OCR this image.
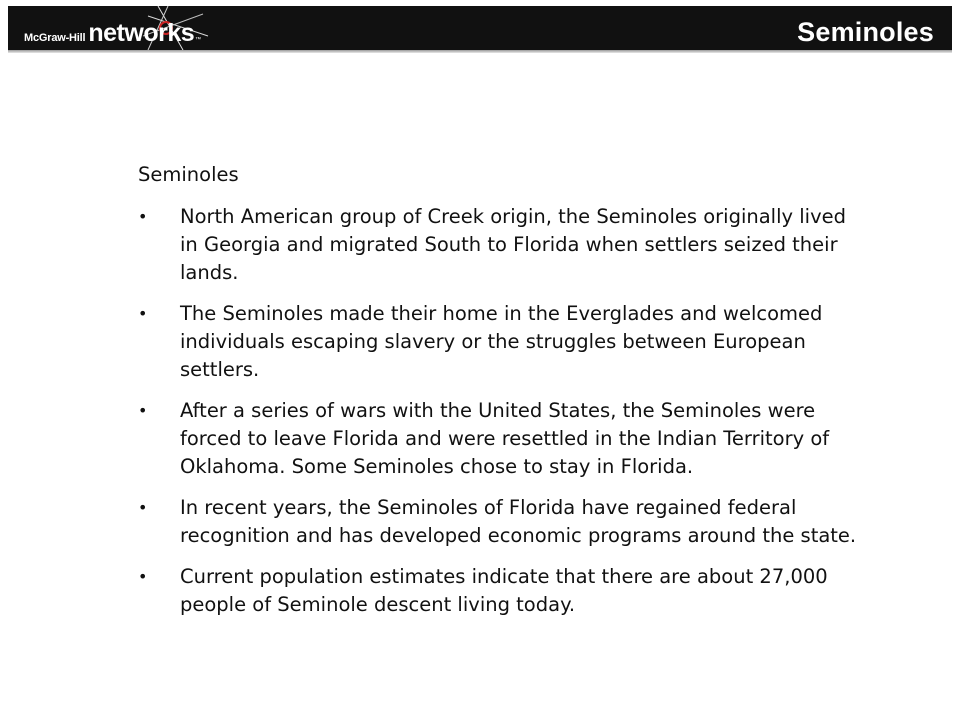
McGraw-Hill networks ™	Seminoles
Seminoles
• North American group of Creek origin, the Seminoles originally lived in Georgia and migrated South to Florida when settlers seized their lands.
• The Seminoles made their home in the Everglades and welcomed individuals escaping slavery or the struggles between European settlers.
• After a series of wars with the United States, the Seminoles were forced to leave Florida and were resettled in the Indian Territory of Oklahoma. Some Seminoles chose to stay in Florida.
• In recent years, the Seminoles of Florida have regained federal recognition and has developed economic programs around the state.
• Current population estimates indicate that there are about 27,000 people of Seminole descent living today.
